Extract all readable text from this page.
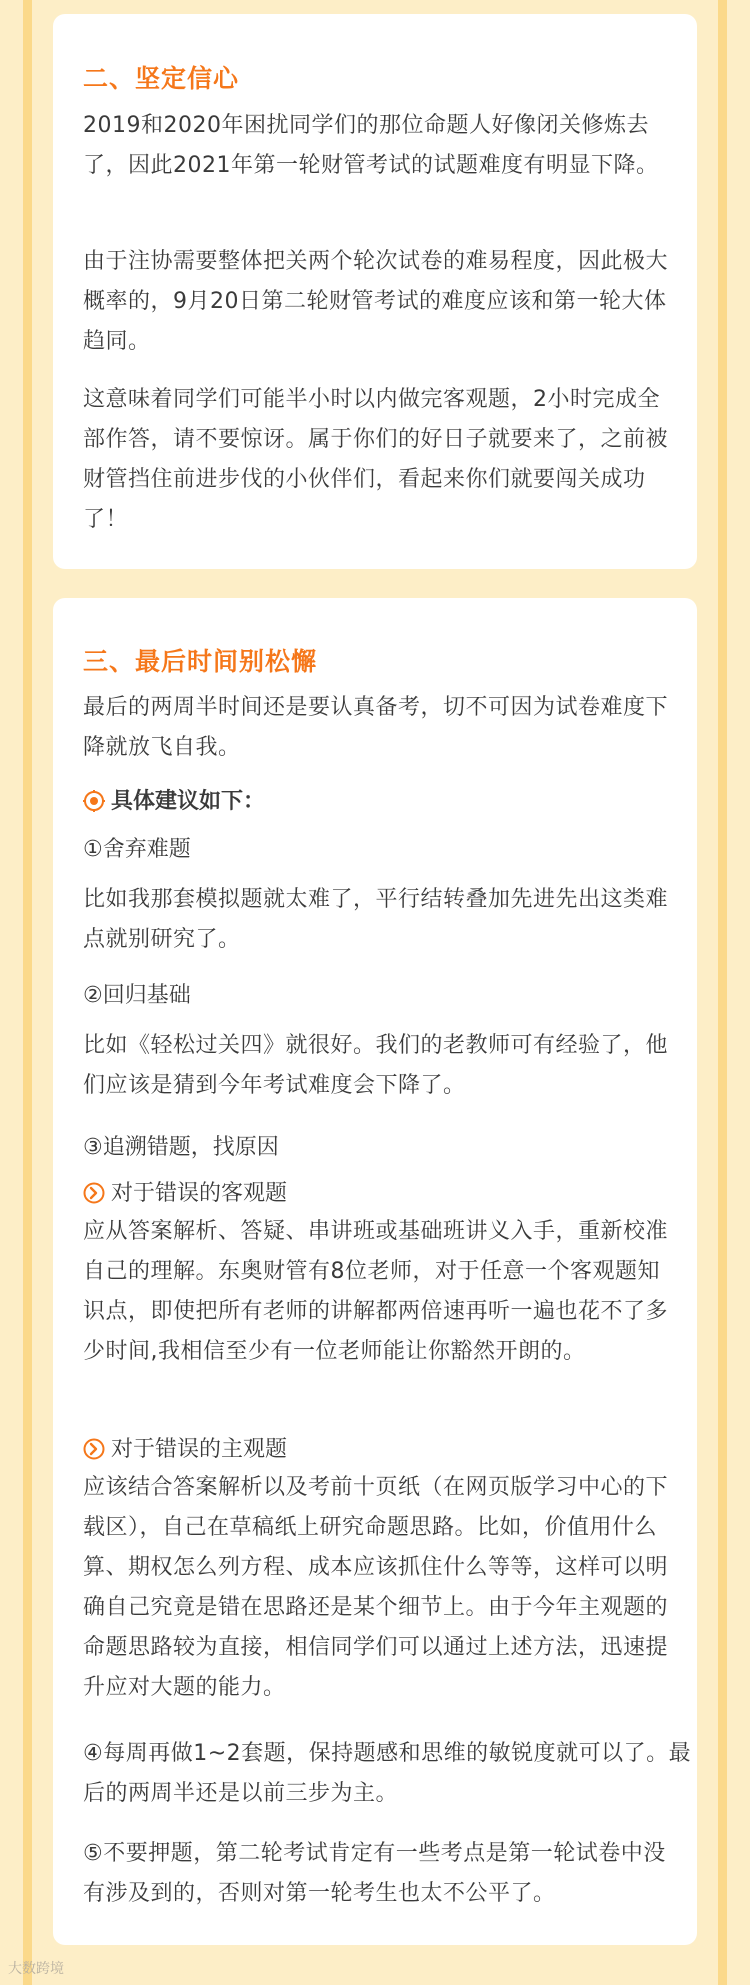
二、坚定信心
2019和2020年困扰同学们的那位命题人好像闭关修炼去了，因此2021年第一轮财管考试的试题难度有明显下降。
由于注协需要整体把关两个轮次试卷的难易程度，因此极大概率的，9月20日第二轮财管考试的难度应该和第一轮大体趋同。
这意味着同学们可能半小时以内做完客观题，2小时完成全部作答，请不要惊讶。属于你们的好日子就要来了，之前被财管挡住前进步伐的小伙伴们，看起来你们就要闯关成功了！
三、最后时间别松懈
最后的两周半时间还是要认真备考，切不可因为试卷难度下降就放飞自我。
具体建议如下：
①舍弃难题
比如我那套模拟题就太难了，平行结转叠加先进先出这类难点就别研究了。
②回归基础
比如《轻松过关四》就很好。我们的老教师可有经验了，他们应该是猜到今年考试难度会下降了。
③追溯错题，找原因
对于错误的客观题
应从答案解析、答疑、串讲班或基础班讲义入手，重新校准自己的理解。东奥财管有8位老师，对于任意一个客观题知识点，即使把所有老师的讲解都两倍速再听一遍也花不了多少时间,我相信至少有一位老师能让你豁然开朗的。
对于错误的主观题
应该结合答案解析以及考前十页纸（在网页版学习中心的下载区），自己在草稿纸上研究命题思路。比如，价值用什么算、期权怎么列方程、成本应该抓住什么等等，这样可以明确自己究竟是错在思路还是某个细节上。由于今年主观题的命题思路较为直接，相信同学们可以通过上述方法，迅速提升应对大题的能力。
④每周再做1~2套题，保持题感和思维的敏锐度就可以了。最后的两周半还是以前三步为主。
⑤不要押题，第二轮考试肯定有一些考点是第一轮试卷中没有涉及到的，否则对第一轮考生也太不公平了。
大数跨境
